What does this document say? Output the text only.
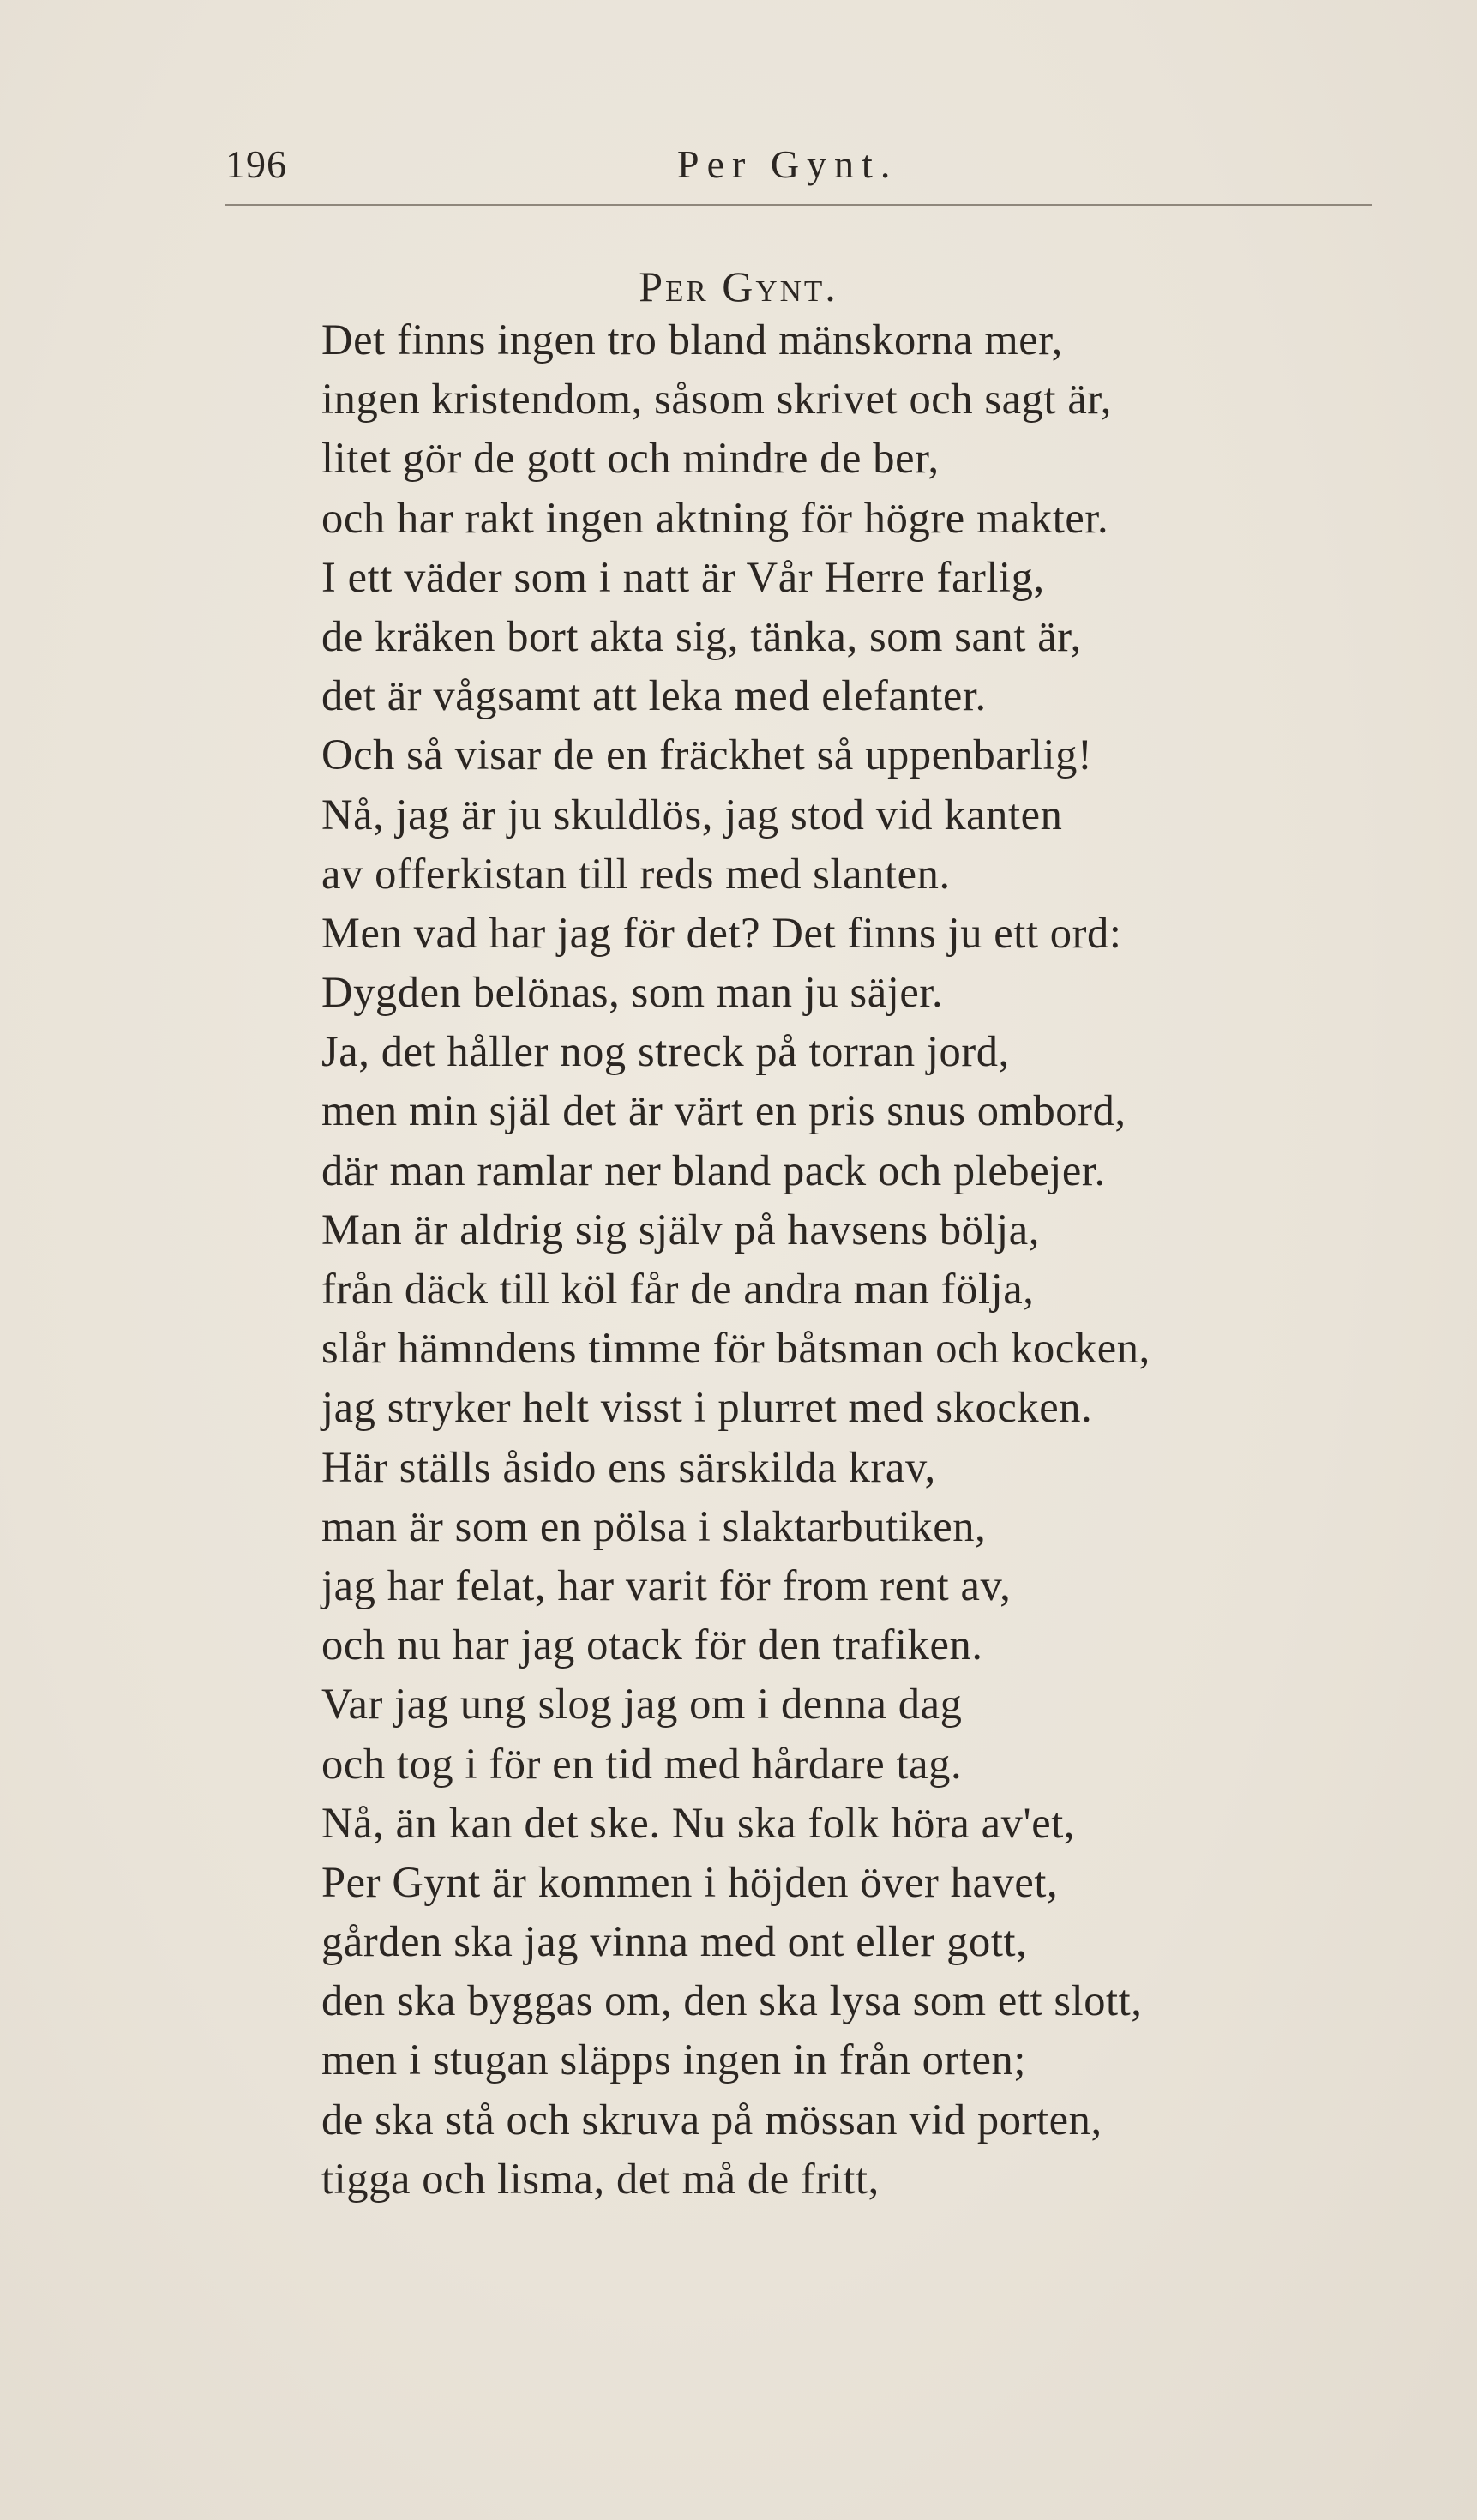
196	Per Gynt.
Per Gynt.
Det finns ingen tro bland mänskorna mer,
ingen kristendom, såsom skrivet och sagt är,
litet gör de gott och mindre de ber,
och har rakt ingen aktning för högre makter.
I ett väder som i natt är Vår Herre farlig,
de kräken bort akta sig, tänka, som sant är,
det är vågsamt att leka med elefanter.
Och så visar de en fräckhet så uppenbarlig!
Nå, jag är ju skuldlös, jag stod vid kanten
av offerkistan till reds med slanten.
Men vad har jag för det? Det finns ju ett ord:
Dygden belönas, som man ju säjer.
Ja, det håller nog streck på torran jord,
men min själ det är värt en pris snus ombord,
där man ramlar ner bland pack och plebejer.
Man är aldrig sig själv på havsens bölja,
från däck till köl får de andra man följa,
slår hämndens timme för båtsman och kocken,
jag stryker helt visst i plurret med skocken.
Här ställs åsido ens särskilda krav,
man är som en pölsa i slaktarbutiken,
jag har felat, har varit för from rent av,
och nu har jag otack för den trafiken.
Var jag ung slog jag om i denna dag
och tog i för en tid med hårdare tag.
Nå, än kan det ske. Nu ska folk höra av'et,
Per Gynt är kommen i höjden över havet,
gården ska jag vinna med ont eller gott,
den ska byggas om, den ska lysa som ett slott,
men i stugan släpps ingen in från orten;
de ska stå och skruva på mössan vid porten,
tigga och lisma, det må de fritt,
